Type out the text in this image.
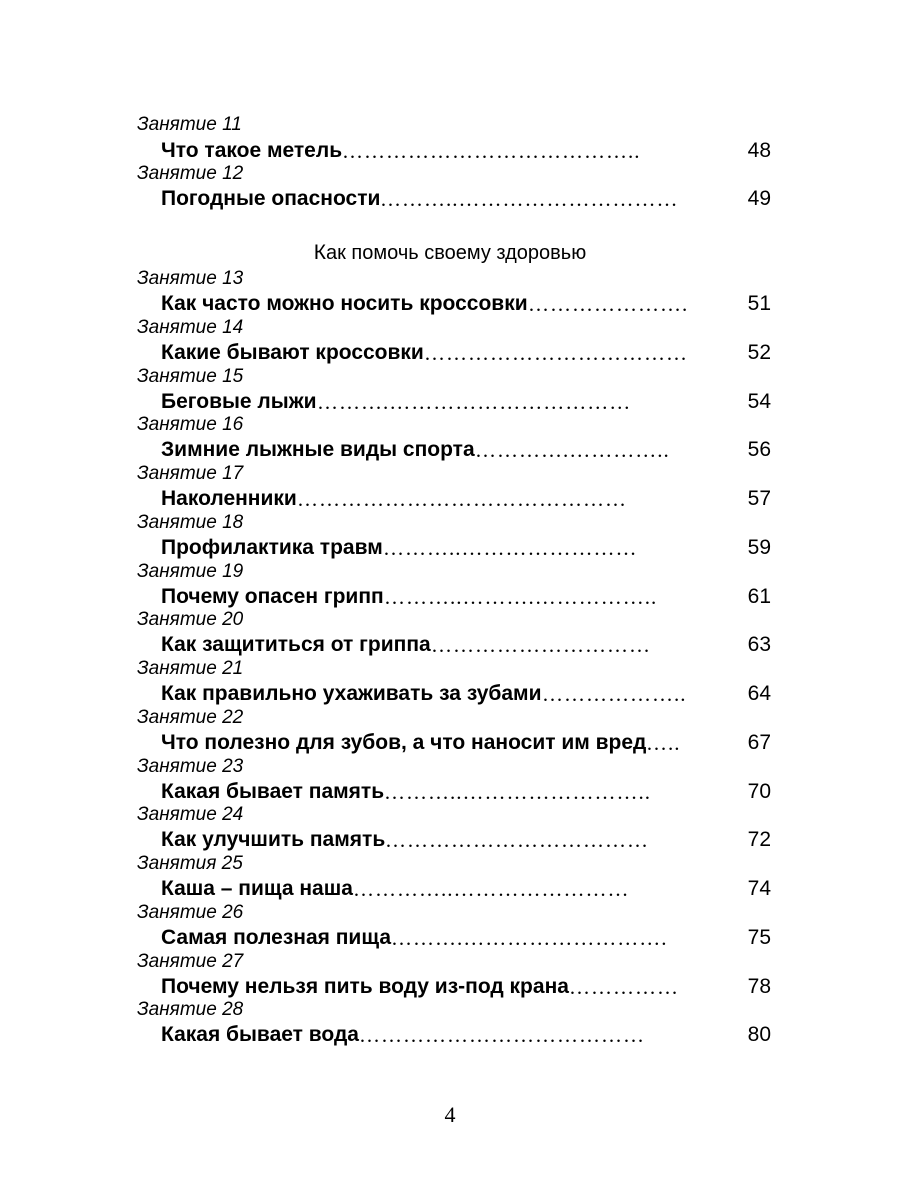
Занятие 11
…………………………………..
Что такое метель	48
Занятие 12
………..…………………………
Погодные опасности	49
Как помочь своему здоровью
Занятие 13
………………….
Как часто можно носить кроссовки	51
Занятие 14
………………………………
Какие бывают кроссовки	52
Занятие 15
……….……………………………
Беговые лыжи	54
Занятие 16
………….…………..
Зимние лыжные виды спорта	56
Занятие 17
………………………………………
Наколенники	57
Занятие 18
………..……………………
Профилактика травм	59
Занятие 19
………..……….……………..
Почему опасен грипп	61
Занятие 20
…………………………
Как защититься от гриппа	63
Занятие 21
………………..
Как правильно ухаживать за зубами	64
Занятие 22
…..
Что полезно для зубов, а что наносит им вред	67
Занятие 23
………..……………………..
Какая бывает память	70
Занятие 24
………………………………
Как улучшить память	72
Занятия 25
…………..……………………
Каша – пища наша	74
Занятие 26
……….……………………….
Самая полезная пища	75
Занятие 27
……………
Почему нельзя пить воду из-под крана	78
Занятие 28
…………………………………
Какая бывает вода	80
4
